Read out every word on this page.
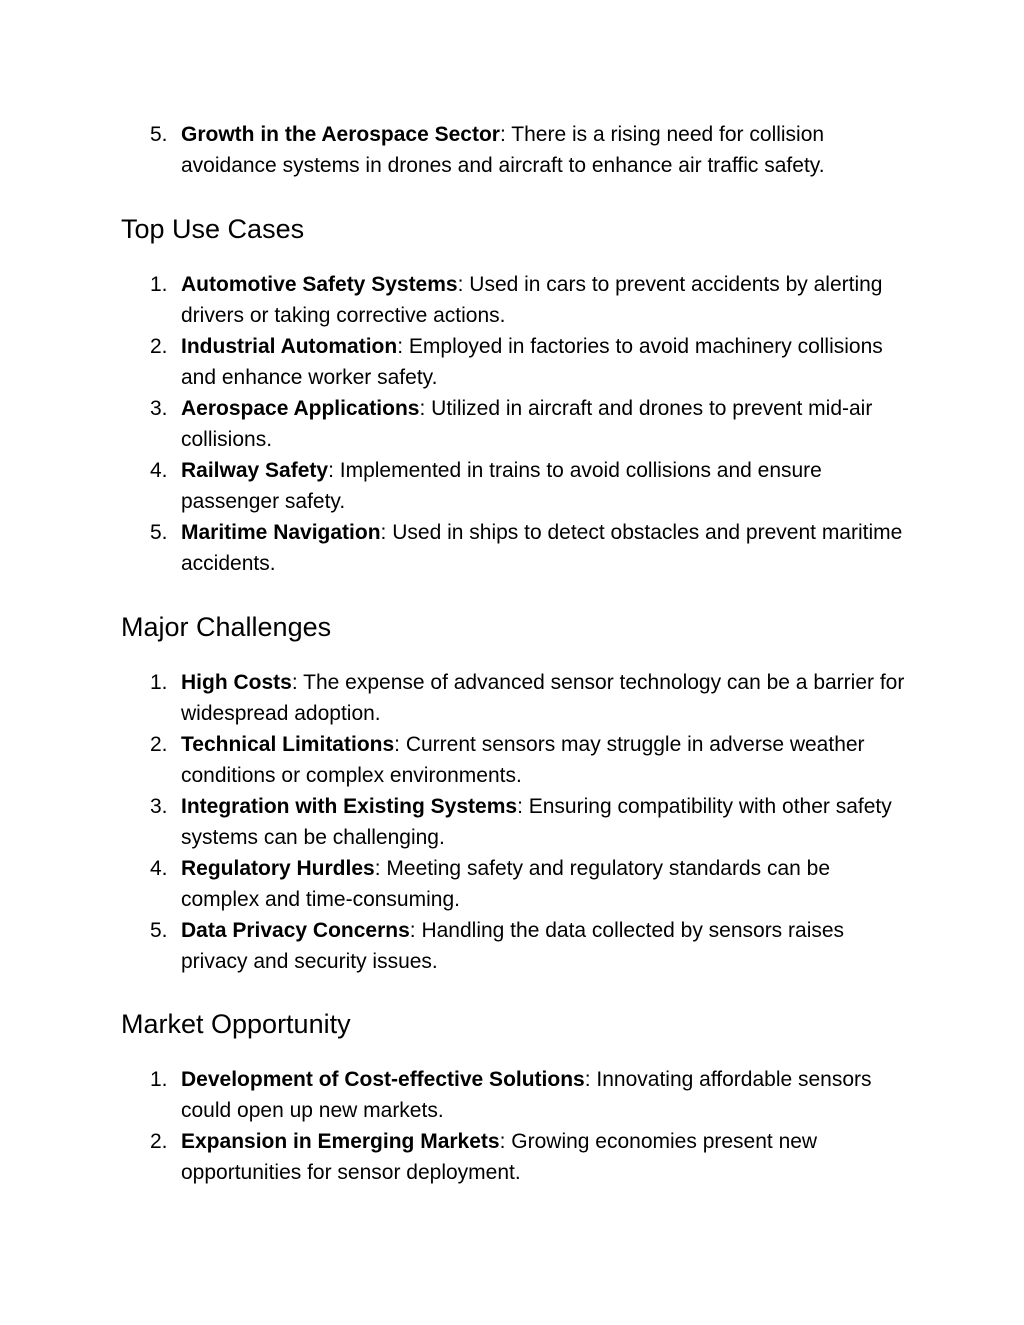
5. Growth in the Aerospace Sector: There is a rising need for collision avoidance systems in drones and aircraft to enhance air traffic safety.
Top Use Cases
1. Automotive Safety Systems: Used in cars to prevent accidents by alerting drivers or taking corrective actions.
2. Industrial Automation: Employed in factories to avoid machinery collisions and enhance worker safety.
3. Aerospace Applications: Utilized in aircraft and drones to prevent mid-air collisions.
4. Railway Safety: Implemented in trains to avoid collisions and ensure passenger safety.
5. Maritime Navigation: Used in ships to detect obstacles and prevent maritime accidents.
Major Challenges
1. High Costs: The expense of advanced sensor technology can be a barrier for widespread adoption.
2. Technical Limitations: Current sensors may struggle in adverse weather conditions or complex environments.
3. Integration with Existing Systems: Ensuring compatibility with other safety systems can be challenging.
4. Regulatory Hurdles: Meeting safety and regulatory standards can be complex and time-consuming.
5. Data Privacy Concerns: Handling the data collected by sensors raises privacy and security issues.
Market Opportunity
1. Development of Cost-effective Solutions: Innovating affordable sensors could open up new markets.
2. Expansion in Emerging Markets: Growing economies present new opportunities for sensor deployment.
